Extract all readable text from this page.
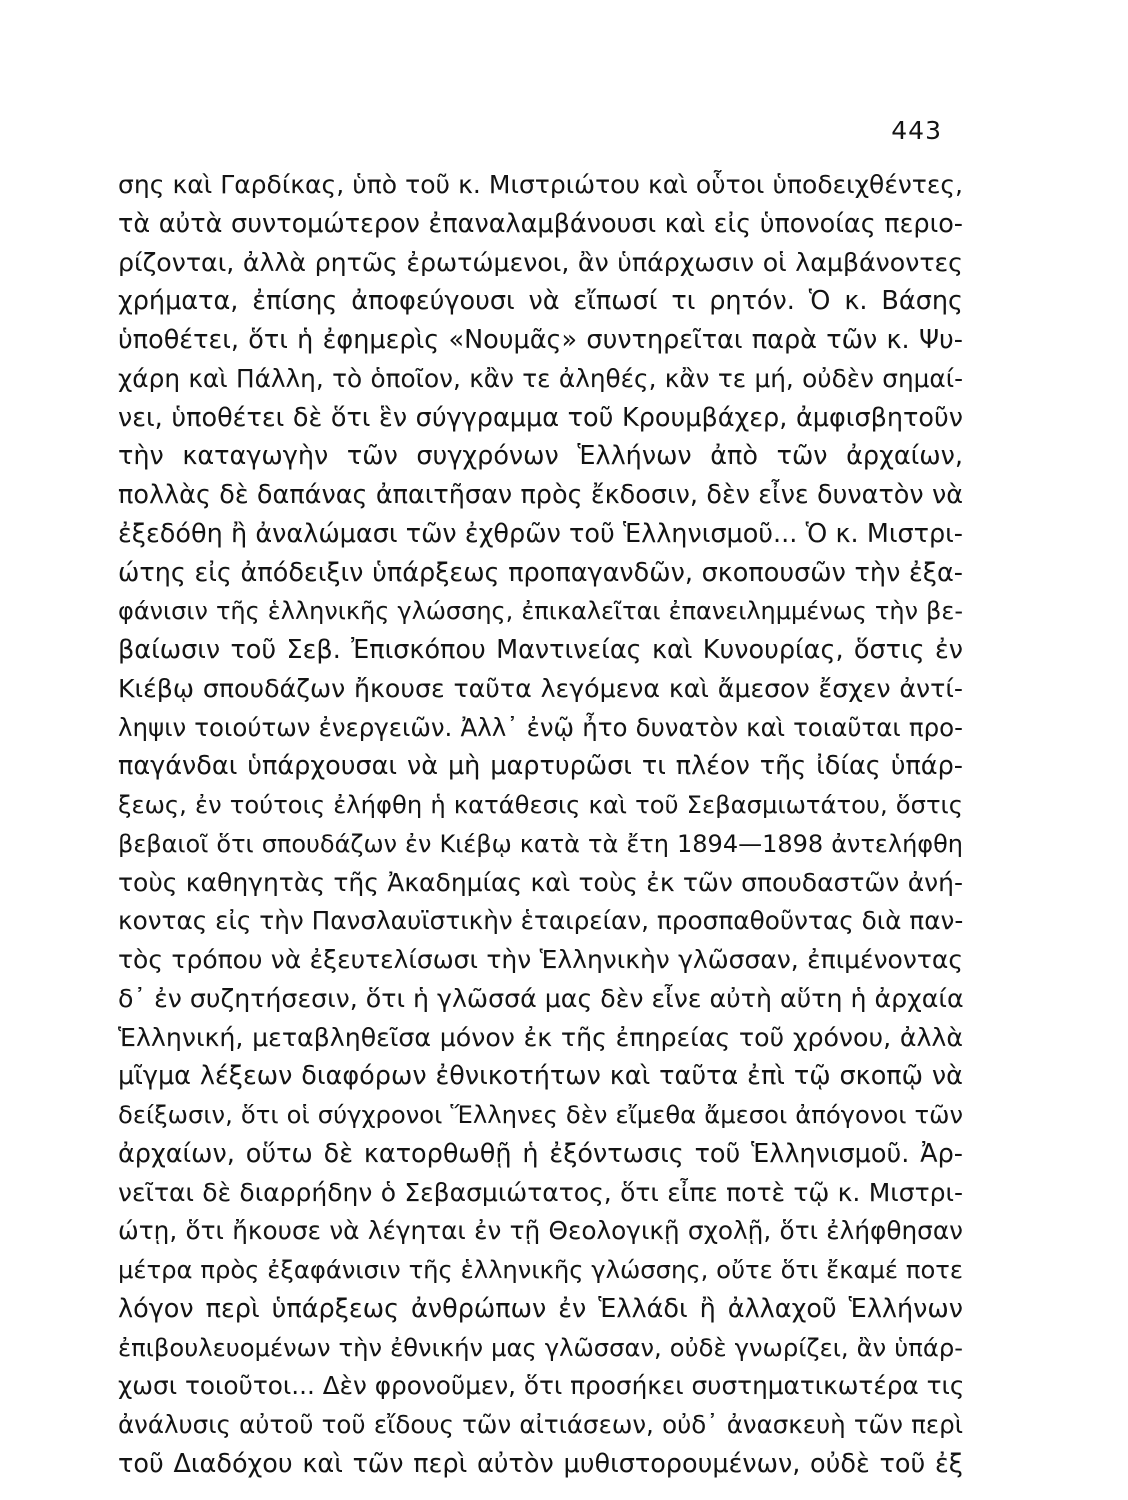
443
σης καὶ Γαρδίκας, ὑπὸ τοῦ κ. Μιστριώτου καὶ οὗτοι ὑποδειχθέντες,
τὰ αὐτὰ συντομώτερον ἐπαναλαμβάνουσι καὶ εἰς ὑπονοίας περιο-
ρίζονται, ἀλλὰ ρητῶς ἐρωτώμενοι, ἂν ὑπάρχωσιν οἱ λαμβάνοντες
χρήματα, ἐπίσης ἀποφεύγουσι νὰ εἴπωσί τι ρητόν. Ὁ κ. Βάσης
ὑποθέτει, ὅτι ἡ ἐφημερὶς «Νουμᾶς» συντηρεῖται παρὰ τῶν κ. Ψυ-
χάρη καὶ Πάλλη, τὸ ὁποῖον, κἂν τε ἀληθές, κἂν τε μή, οὐδὲν σημαί-
νει, ὑποθέτει δὲ ὅτι ἓν σύγγραμμα τοῦ Κρουμβάχερ, ἀμφισβητοῦν
τὴν καταγωγὴν τῶν συγχρόνων Ἑλλήνων ἀπὸ τῶν ἀρχαίων,
πολλὰς δὲ δαπάνας ἀπαιτῆσαν πρὸς ἔκδοσιν, δὲν εἶνε δυνατὸν νὰ
ἐξεδόθη ἢ ἀναλώμασι τῶν ἐχθρῶν τοῦ Ἑλληνισμοῦ... Ὁ κ. Μιστρι-
ώτης εἰς ἀπόδειξιν ὑπάρξεως προπαγανδῶν, σκοπουσῶν τὴν ἐξα-
φάνισιν τῆς ἑλληνικῆς γλώσσης, ἐπικαλεῖται ἐπανειλημμένως τὴν βε-
βαίωσιν τοῦ Σεβ. Ἐπισκόπου Μαντινείας καὶ Κυνουρίας, ὅστις ἐν
Κιέβῳ σπουδάζων ἤκουσε ταῦτα λεγόμενα καὶ ἄμεσον ἔσχεν ἀντί-
ληψιν τοιούτων ἐνεργειῶν. Ἀλλ᾽ ἐνῷ ἦτο δυνατὸν καὶ τοιαῦται προ-
παγάνδαι ὑπάρχουσαι νὰ μὴ μαρτυρῶσι τι πλέον τῆς ἰδίας ὑπάρ-
ξεως, ἐν τούτοις ἐλήφθη ἡ κατάθεσις καὶ τοῦ Σεβασμιωτάτου, ὅστις
βεβαιοῖ ὅτι σπουδάζων ἐν Κιέβῳ κατὰ τὰ ἔτη 1894—1898 ἀντελήφθη
τοὺς καθηγητὰς τῆς Ἀκαδημίας καὶ τοὺς ἐκ τῶν σπουδαστῶν ἀνή-
κοντας εἰς τὴν Πανσλαυϊστικὴν ἑταιρείαν, προσπαθοῦντας διὰ παν-
τὸς τρόπου νὰ ἐξευτελίσωσι τὴν Ἑλληνικὴν γλῶσσαν, ἐπιμένοντας
δ᾽ ἐν συζητήσεσιν, ὅτι ἡ γλῶσσά μας δὲν εἶνε αὐτὴ αὕτη ἡ ἀρχαία
Ἑλληνική, μεταβληθεῖσα μόνον ἐκ τῆς ἐπηρείας τοῦ χρόνου, ἀλλὰ
μῖγμα λέξεων διαφόρων ἐθνικοτήτων καὶ ταῦτα ἐπὶ τῷ σκοπῷ νὰ
δείξωσιν, ὅτι οἱ σύγχρονοι Ἕλληνες δὲν εἴμεθα ἄμεσοι ἀπόγονοι τῶν
ἀρχαίων, οὕτω δὲ κατορθωθῇ ἡ ἐξόντωσις τοῦ Ἑλληνισμοῦ. Ἀρ-
νεῖται δὲ διαρρήδην ὁ Σεβασμιώτατος, ὅτι εἶπε ποτὲ τῷ κ. Μιστρι-
ώτῃ, ὅτι ἤκουσε νὰ λέγηται ἐν τῇ Θεολογικῇ σχολῇ, ὅτι ἐλήφθησαν
μέτρα πρὸς ἐξαφάνισιν τῆς ἑλληνικῆς γλώσσης, οὔτε ὅτι ἔκαμέ ποτε
λόγον περὶ ὑπάρξεως ἀνθρώπων ἐν Ἑλλάδι ἢ ἀλλαχοῦ Ἑλλήνων
ἐπιβουλευομένων τὴν ἐθνικήν μας γλῶσσαν, οὐδὲ γνωρίζει, ἂν ὑπάρ-
χωσι τοιοῦτοι... Δὲν φρονοῦμεν, ὅτι προσήκει συστηματικωτέρα τις
ἀνάλυσις αὐτοῦ τοῦ εἴδους τῶν αἰτιάσεων, οὐδ᾽ ἀνασκευὴ τῶν περὶ
τοῦ Διαδόχου καὶ τῶν περὶ αὐτὸν μυθιστορουμένων, οὐδὲ τοῦ ἐξ
